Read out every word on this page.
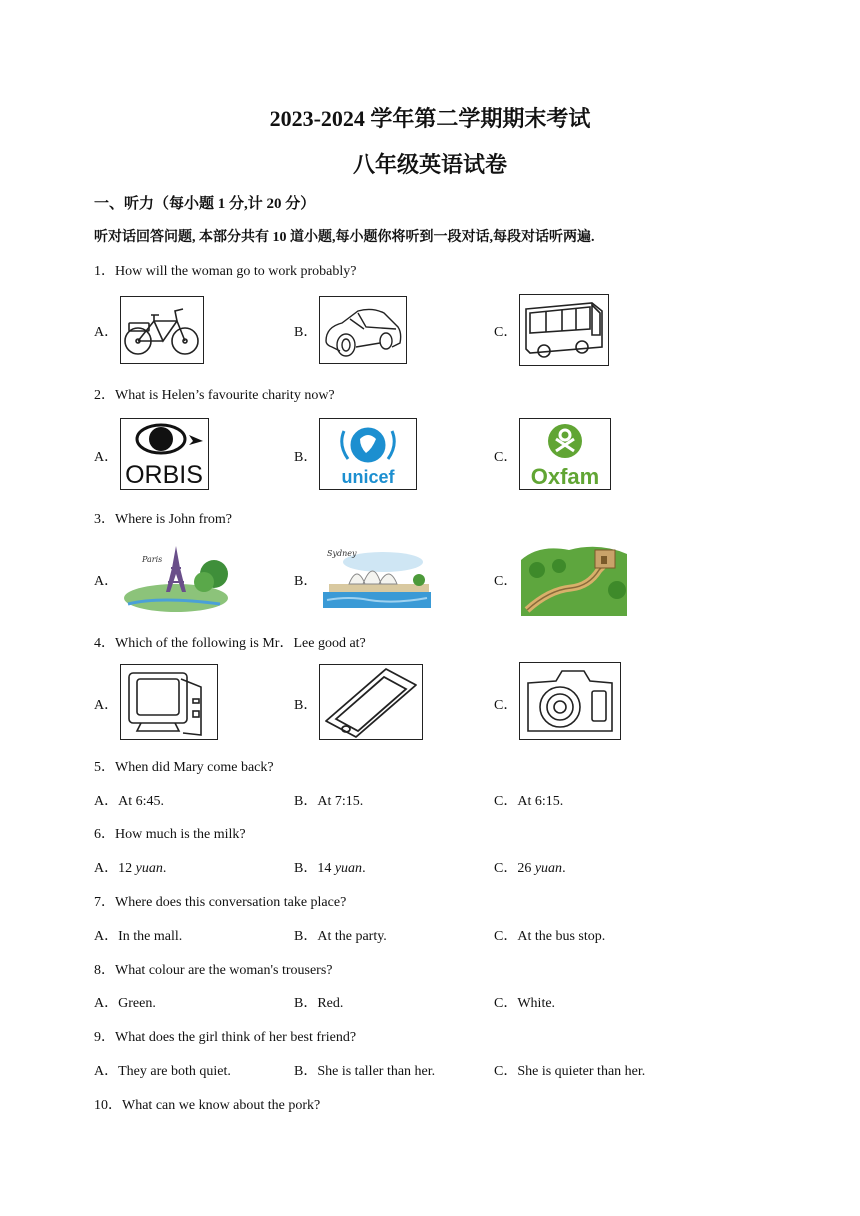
2023-2024 学年第二学期期末考试
八年级英语试卷
一、听力（每小题 1 分,计 20 分）
听对话回答问题, 本部分共有 10 道小题,每小题你将听到一段对话,每段对话听两遍.
1．How will the woman go to work probably?
A．	B．	C．
2．What is Helen’s favourite charity now?
A．
ORBIS
B．
unicef
C．
Oxfam
3．Where is John from?
A．
Paris
B．
Sydney
C．
4．Which of the following is Mr．Lee good at?
A．	B．	C．
5．When did Mary come back?
A．At 6:45.	B．At 7:15.	C．At 6:15.
6．How much is the milk?
A．12 yuan.	B．14 yuan.	C．26 yuan.
7．Where does this conversation take place?
A．In the mall.	B．At the party.	C．At the bus stop.
8．What colour are the woman's trousers?
A．Green.	B．Red.	C．White.
9．What does the girl think of her best friend?
A．They are both quiet.	B．She is taller than her.	C．She is quieter than her.
10．What can we know about the pork?
